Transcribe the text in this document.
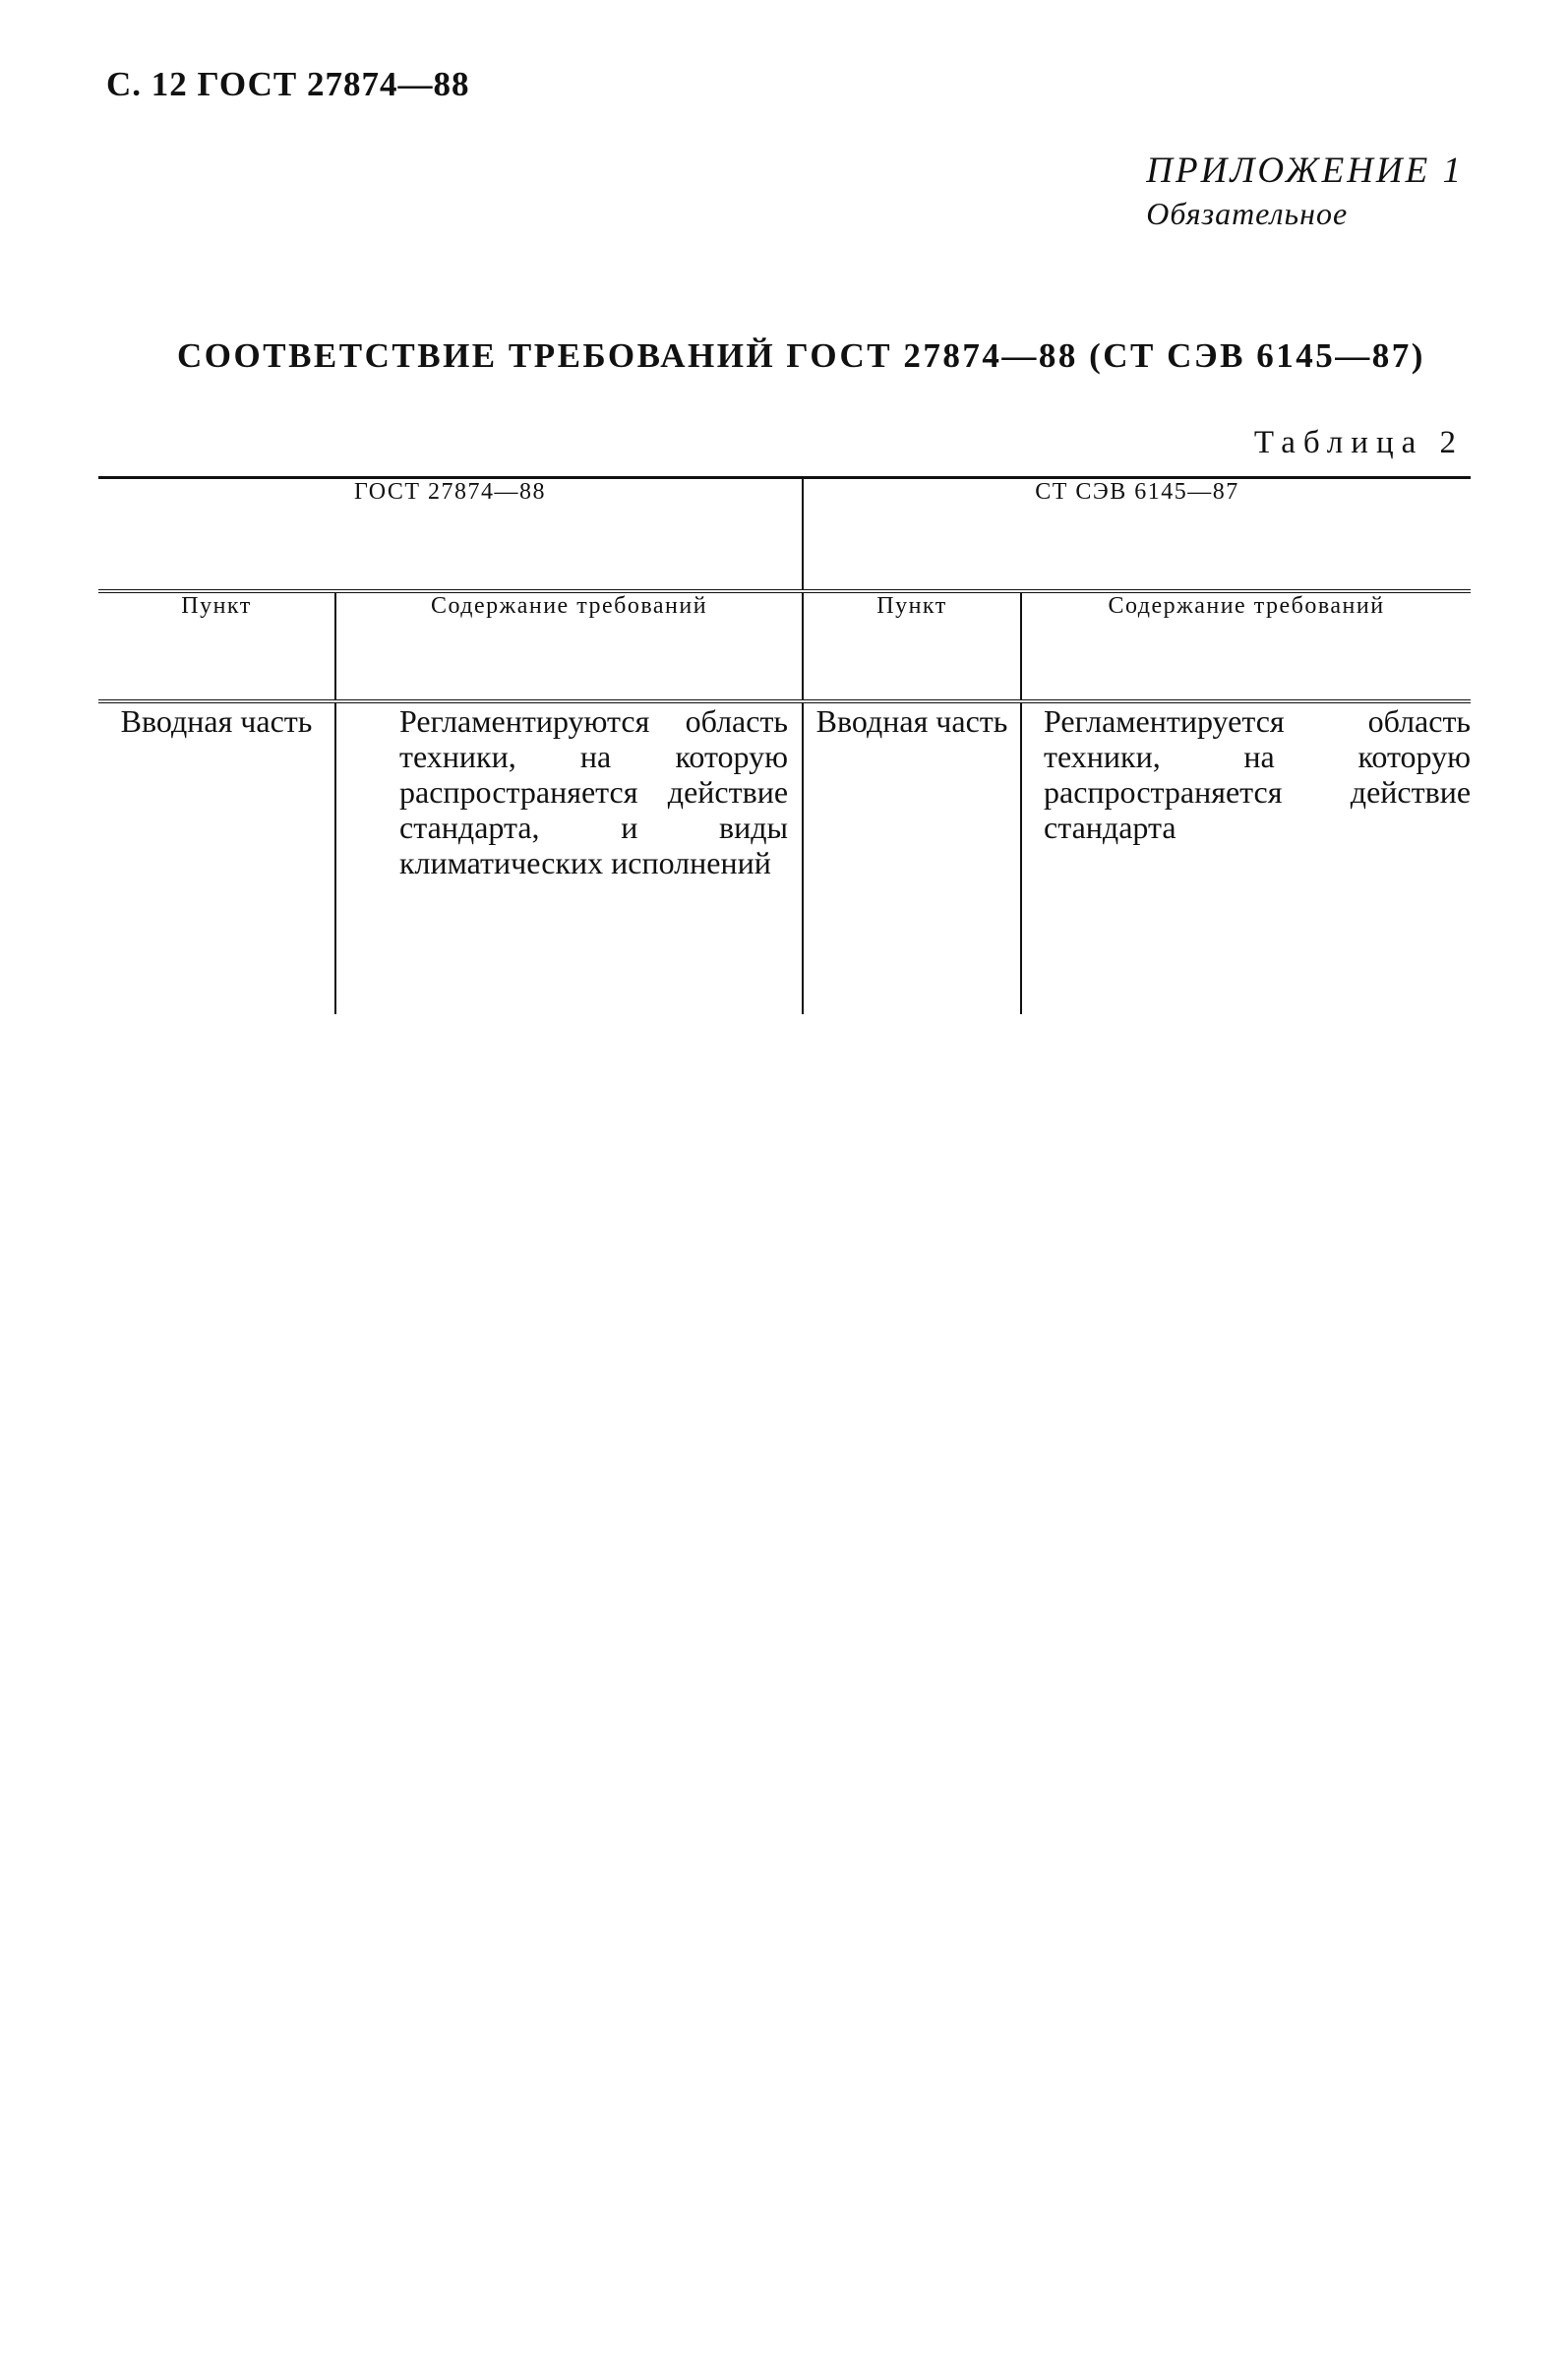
С. 12 ГОСТ 27874—88
ПРИЛОЖЕНИЕ 1
Обязательное
СООТВЕТСТВИЕ ТРЕБОВАНИЙ ГОСТ 27874—88 (СТ СЭВ 6145—87)
Таблица 2
ГОСТ 27874—88		СТ СЭВ 6145—87	
Пункт	Содержание требований	Пункт	Содержание требований
Вводная часть	Регламентируются область техники, на которую распространяется действие стандарта, и виды климатических исполнений	Вводная часть	Регламентируется область техники, на которую распространяется действие стандарта
